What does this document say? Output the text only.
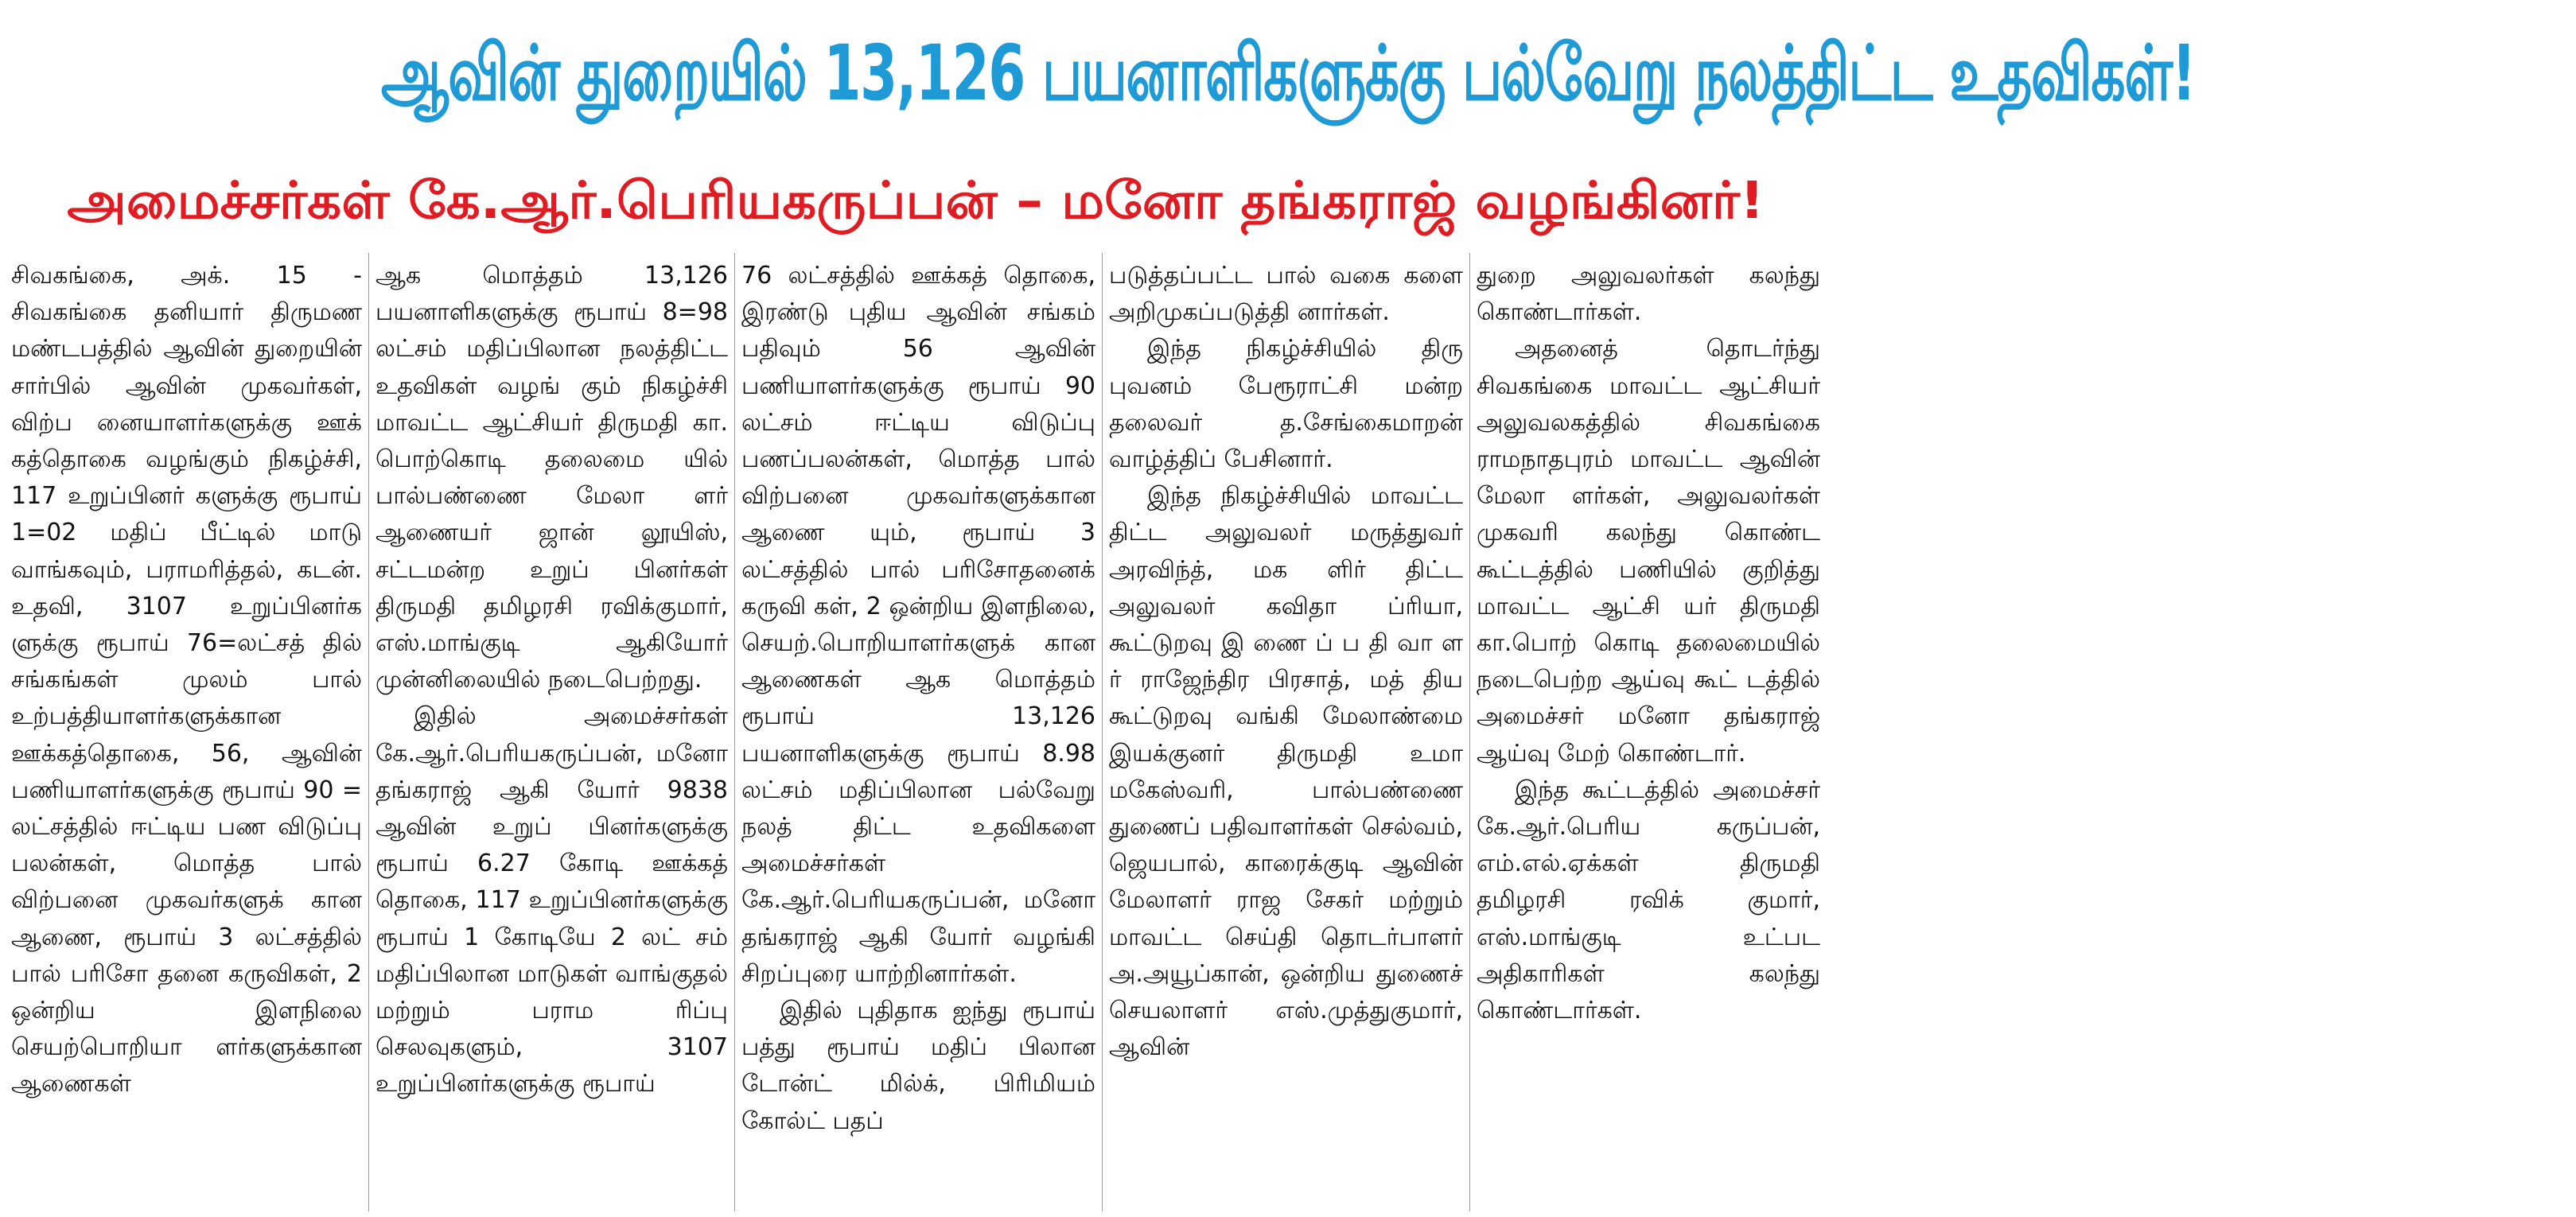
ஆவின் துறையில் 13,126 பயனாளிகளுக்கு பல்வேறு நலத்திட்ட உதவிகள்!
அமைச்சர்கள் கே.ஆர்.பெரியகருப்பன் – மனோ தங்கராஜ் வழங்கினர்!

சிவகங்கை, அக். 15 - சிவகங்கை தனியார் திருமண மண்டபத்தில் ஆவின் துறையின் சார்பில் ஆவின் முகவர்கள், விற்ப னையாளர்களுக்கு ஊக் கத்தொகை வழங்கும் நிகழ்ச்சி, 117 உறுப்பினர் களுக்கு ரூபாய் 1=02 மதிப் பீட்டில் மாடு வாங்கவும், பராமரித்தல், கடன். உதவி, 3107 உறுப்பினர்க ளுக்கு ரூபாய் 76=லட்சத் தில் சங்கங்கள் முலம் பால் உற்பத்தியாளர்களுக்கான ஊக்கத்தொகை, 56, ஆவின் பணியாளர்களுக்கு ரூபாய் 90 = லட்சத்தில் ஈட்டிய பண விடுப்பு பலன்கள், மொத்த பால் விற்பனை முகவர்களுக் கான ஆணை, ரூபாய் 3 லட்சத்தில் பால் பரிசோ தனை கருவிகள், 2 ஒன்றிய இளநிலை செயற்பொறியா ளர்களுக்கான ஆணைகள்

ஆக மொத்தம் 13,126 பயனாளிகளுக்கு ரூபாய் 8=98 லட்சம் மதிப்பிலான நலத்திட்ட உதவிகள் வழங் கும் நிகழ்ச்சி மாவட்ட ஆட்சியர் திருமதி கா. பொற்கொடி தலைமை யில் பால்பண்ணை மேலா ளர் ஆணையர் ஜான் லூயிஸ், சட்டமன்ற உறுப் பினர்கள் திருமதி தமிழரசி ரவிக்குமார், எஸ்.மாங்குடி ஆகியோர் முன்னிலையில் நடைபெற்றது.

இதில் அமைச்சர்கள் கே.ஆர்.பெரியகருப்பன், மனோ தங்கராஜ் ஆகி யோர் 9838 ஆவின் உறுப் பினர்களுக்கு ரூபாய் 6.27 கோடி ஊக்கத் தொகை, 117 உறுப்பினர்களுக்கு ரூபாய் 1 கோடியே 2 லட் சம் மதிப்பிலான மாடுகள் வாங்குதல் மற்றும் பராம ரிப்பு செலவுகளும், 3107 உறுப்பினர்களுக்கு ரூபாய்

76 லட்சத்தில் ஊக்கத் தொகை, இரண்டு புதிய ஆவின் சங்கம் பதிவும் 56 ஆவின் பணியாளர்களுக்கு ரூபாய் 90 லட்சம் ஈட்டிய விடுப்பு பணப்பலன்கள், மொத்த பால் விற்பனை முகவர்களுக்கான ஆணை யும், ரூபாய் 3 லட்சத்தில் பால் பரிசோதனைக் கருவி கள், 2 ஒன்றிய இளநிலை, செயற்.பொறியாளர்களுக் கான ஆணைகள் ஆக மொத்தம் ரூபாய் 13,126 பயனாளிகளுக்கு ரூபாய் 8.98 லட்சம் மதிப்பிலான பல்வேறு நலத் திட்ட உதவிகளை அமைச்சர்கள் கே.ஆர்.பெரியகருப்பன், மனோ தங்கராஜ் ஆகி யோர் வழங்கி சிறப்புரை யாற்றினார்கள்.

இதில் புதிதாக ஐந்து ரூபாய் பத்து ரூபாய் மதிப் பிலான டோன்ட் மில்க், பிரிமியம் கோல்ட் பதப்

படுத்தப்பட்ட பால் வகை களை அறிமுகப்படுத்தி னார்கள்.

இந்த நிகழ்ச்சியில் திரு புவனம் பேரூராட்சி மன்ற தலைவர் த.சேங்கைமாறன் வாழ்த்திப் பேசினார்.

இந்த நிகழ்ச்சியில் மாவட்ட திட்ட அலுவலர் மருத்துவர் அரவிந்த், மக ளிர் திட்ட அலுவலர் கவிதா ப்ரியா, கூட்டுறவு இ ணை ப் ப தி வா ள ர் ராஜேந்திர பிரசாத், மத் திய கூட்டுறவு வங்கி மேலாண்மை இயக்குனர் திருமதி உமா மகேஸ்வரி, பால்பண்ணை துணைப் பதிவாளர்கள் செல்வம், ஜெயபால், காரைக்குடி ஆவின் மேலாளர் ராஜ சேகர் மற்றும் மாவட்ட செய்தி தொடர்பாளர் அ.அயூப்கான், ஒன்றிய துணைச் செயலாளர் எஸ்.முத்துகுமார், ஆவின்

துறை அலுவலர்கள் கலந்து கொண்டார்கள்.

அதனைத் தொடர்ந்து சிவகங்கை மாவட்ட ஆட்சியர் அலுவலகத்தில் சிவகங்கை ராமநாதபுரம் மாவட்ட ஆவின் மேலா ளர்கள், அலுவலர்கள் முகவரி கலந்து கொண்ட கூட்டத்தில் பணியில் குறித்து மாவட்ட ஆட்சி யர் திருமதி கா.பொற் கொடி தலைமையில் நடைபெற்ற ஆய்வு கூட் டத்தில் அமைச்சர் மனோ தங்கராஜ் ஆய்வு மேற் கொண்டார்.

இந்த கூட்டத்தில் அமைச்சர் கே.ஆர்.பெரிய கருப்பன், எம்.எல்.ஏக்கள் திருமதி தமிழரசி ரவிக் குமார், எஸ்.மாங்குடி உட்பட அதிகாரிகள் கலந்து கொண்டார்கள்.
